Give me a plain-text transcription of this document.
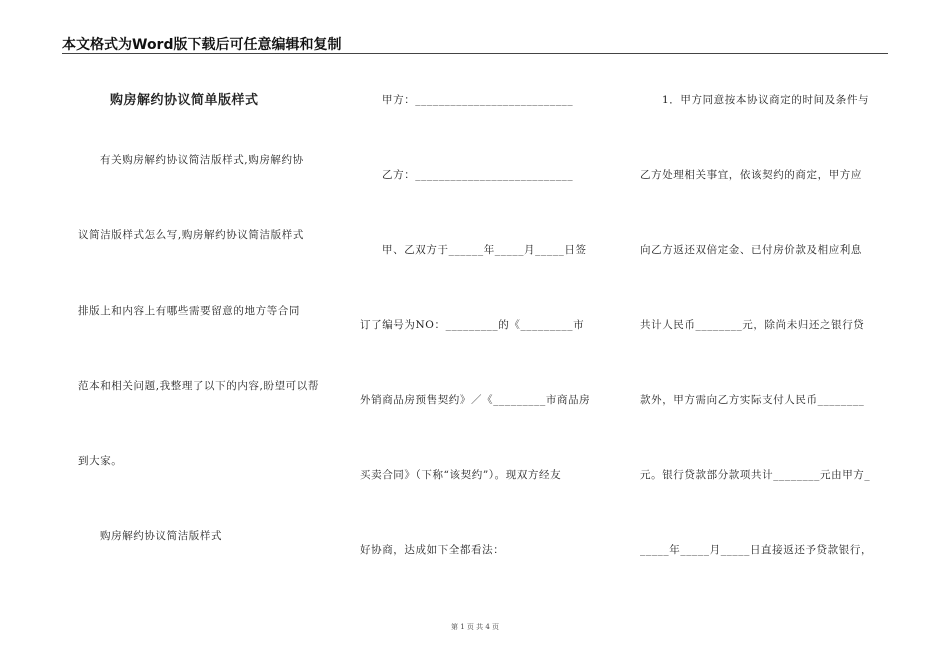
本文格式为Word版下载后可任意编辑和复制
购房解约协议简单版样式
有关购房解约协议简洁版样式,购房解约协
议简洁版样式怎么写,购房解约协议简洁版样式
排版上和内容上有哪些需要留意的地方等合同
范本和相关问题,我整理了以下的内容,盼望可以帮
到大家。
购房解约协议简洁版样式
甲方：___________________________
乙方：___________________________
甲、乙双方于______年_____月_____日签
订了编号为NO：_________的《_________市
外销商品房预售契约》／《_________市商品房
买卖合同》（下称“该契约”）。现双方经友
好协商，达成如下全都看法：
1．甲方同意按本协议商定的时间及条件与
乙方处理相关事宜，依该契约的商定，甲方应
向乙方返还双倍定金、已付房价款及相应利息
共计人民币________元，除尚未归还之银行贷
款外，甲方需向乙方实际支付人民币________
元。银行贷款部分款项共计________元由甲方_
_____年_____月_____日直接返还予贷款银行，
第 1 页 共 4 页
